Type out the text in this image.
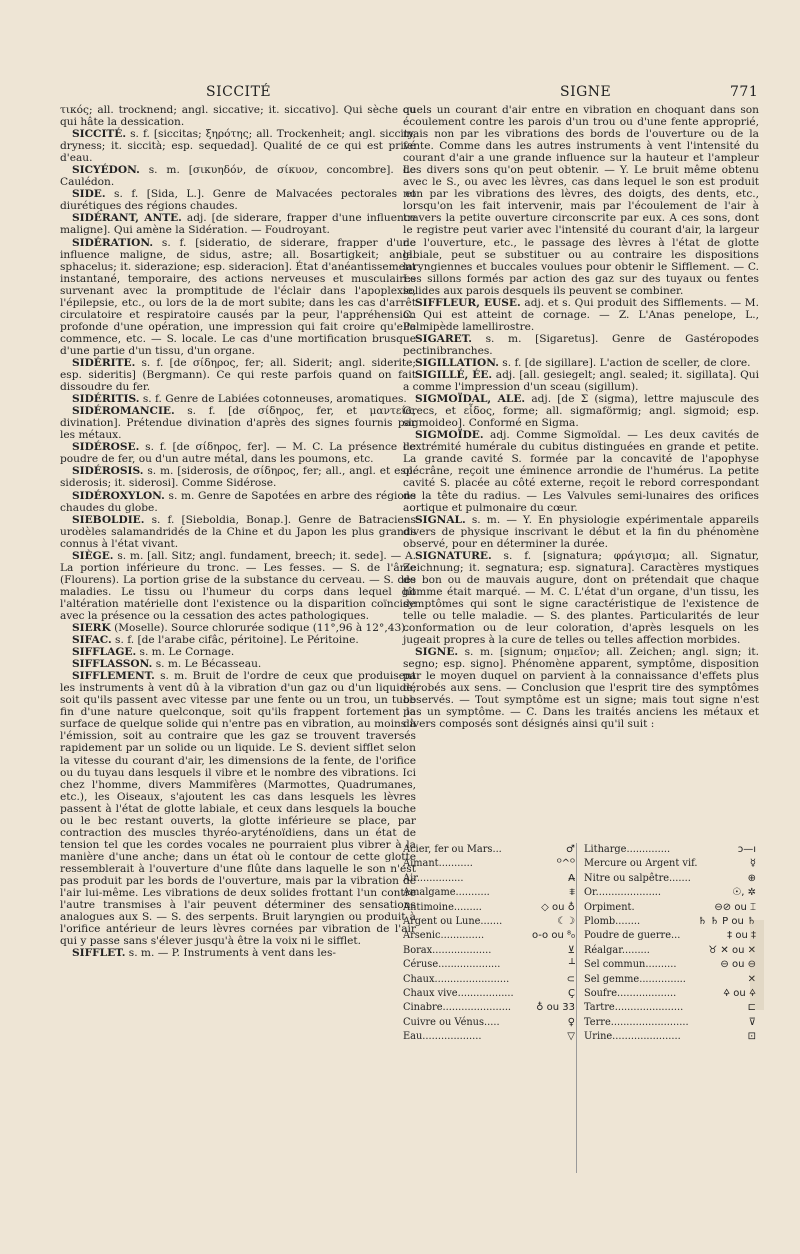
SICCITÉ	SIGNE	771

τικός; all. trocknend; angl. siccative; it. siccativo]. Qui sèche ou qui hâte la dessication.

SICCITÉ. s. f. [siccitas; ξηρότης; all. Trockenheit; angl. siccity, dryness; it. siccità; esp. sequedad]. Qualité de ce qui est privé d'eau.

SICYÉDON. s. m. [σικυηδόν, de σίκυον, concombre]. Le Caulédon.

SIDE. s. f. [Sida, L.]. Genre de Malvacées pectorales et diurétiques des régions chaudes.

SIDÉRANT, ANTE. adj. [de siderare, frapper d'une influence maligne]. Qui amène la Sidération. — Foudroyant.

SIDÉRATION. s. f. [sideratio, de siderare, frapper d'une influence maligne, de sidus, astre; all. Bosartigkeit; angl. sphacelus; it. siderazione; esp. sideracion]. État d'anéantissement instantané, temporaire, des actions nerveuses et musculaires survenant avec la promptitude de l'éclair dans l'apoplexie, l'épilepsie, etc., ou lors de la de mort subite; dans les cas d'arrêt circulatoire et respiratoire causés par la peur, l'appréhension profonde d'une opération, une impression qui fait croire qu'elle commence, etc. — S. locale. Le cas d'une mortification brusque d'une partie d'un tissu, d'un organe.

SIDÉRITE. s. f. [de σίδηρος, fer; all. Siderit; angl. siderite; esp. sideritis] (Bergmann). Ce qui reste parfois quand on fait dissoudre du fer.

SIDÉRITIS. s. f. Genre de Labiées cotonneuses, aromatiques.

SIDÉROMANCIE. s. f. [de σίδηρος, fer, et μαντεία, divination]. Prétendue divination d'après des signes fournis par les métaux.

SIDÉROSE. s. f. [de σίδηρος, fer]. — M. C. La présence de poudre de fer, ou d'un autre métal, dans les poumons, etc.

SIDÉROSIS. s. m. [siderosis, de σίδηρος, fer; all., angl. et esp. siderosis; it. siderosi]. Comme Sidérose.

SIDÉROXYLON. s. m. Genre de Sapotées en arbre des régions chaudes du globe.

SIEBOLDIE. s. f. [Sieboldia, Bonap.]. Genre de Batraciens urodèles salamandridés de la Chine et du Japon les plus grands connus à l'état vivant.

SIÈGE. s. m. [all. Sitz; angl. fundament, breech; it. sede]. — A. La portion inférieure du tronc. — Les fesses. — S. de l'âme (Flourens). La portion grise de la substance du cerveau. — S. des maladies. Le tissu ou l'humeur du corps dans lequel gît l'altération matérielle dont l'existence ou la disparition coïncide avec la présence ou la cessation des actes pathologiques.

SIERK (Moselle). Source chlorurée sodique (11°,96 à 12°,43).

SIFAC. s. f. [de l'arabe cifâc, péritoine]. Le Péritoine.

SIFFLAGE. s. m. Le Cornage.

SIFFLASSON. s. m. Le Bécasseau.

SIFFLEMENT. s. m. Bruit de l'ordre de ceux que produisent les instruments à vent dû à la vibration d'un gaz ou d'un liquide, soit qu'ils passent avec vitesse par une fente ou un trou, un tube fin d'une nature quelconque, soit qu'ils frappent fortement la surface de quelque solide qui n'entre pas en vibration, au moins à l'émission, soit au contraire que les gaz se trouvent traversés rapidement par un solide ou un liquide. Le S. devient sifflet selon la vitesse du courant d'air, les dimensions de la fente, de l'orifice ou du tuyau dans lesquels il vibre et le nombre des vibrations. Ici chez l'homme, divers Mammifères (Marmottes, Quadrumanes, etc.), les Oiseaux, s'ajoutent les cas dans lesquels les lèvres passent à l'état de glotte labiale, et ceux dans lesquels la bouche ou le bec restant ouverts, la glotte inférieure se place, par contraction des muscles thyréo-aryténoïdiens, dans un état de tension tel que les cordes vocales ne pourraient plus vibrer à la manière d'une anche; dans un état où le contour de cette glotte ressemblerait à l'ouverture d'une flûte dans laquelle le son n'est pas produit par les bords de l'ouverture, mais par la vibration de l'air lui-même. Les vibrations de deux solides frottant l'un contre l'autre transmises à l'air peuvent déterminer des sensations analogues aux S. — S. des serpents. Bruit laryngien ou produit à l'orifice antérieur de leurs lèvres cornées par vibration de l'air qui y passe sans s'élever jusqu'à être la voix ni le sifflet.

SIFFLET. s. m. — P. Instruments à vent dans les-

quels un courant d'air entre en vibration en choquant dans son écoulement contre les parois d'un trou ou d'une fente approprié, mais non par les vibrations des bords de l'ouverture ou de la fente. Comme dans les autres instruments à vent l'intensité du courant d'air a une grande influence sur la hauteur et l'ampleur des divers sons qu'on peut obtenir. — Y. Le bruit même obtenu avec le S., ou avec les lèvres, cas dans lequel le son est produit non par les vibrations des lèvres, des doigts, des dents, etc., lorsqu'on les fait intervenir, mais par l'écoulement de l'air à travers la petite ouverture circonscrite par eux. A ces sons, dont le registre peut varier avec l'intensité du courant d'air, la largeur de l'ouverture, etc., le passage des lèvres à l'état de glotte labiale, peut se substituer ou au contraire les dispositions laryngiennes et buccales voulues pour obtenir le Sifflement. — C. Les sillons formés par action des gaz sur des tuyaux ou fentes solides aux parois desquels ils peuvent se combiner.

SIFFLEUR, EUSE. adj. et s. Qui produit des Sifflements. — M. C. Qui est atteint de cornage. — Z. L'Anas penelope, L., Palmipède lamellirostre.

SIGARET. s. m. [Sigaretus]. Genre de Gastéropodes pectinibranches.

SIGILLATION. s. f. [de sigillare]. L'action de sceller, de clore.

SIGILLÉ, ÉE. adj. [all. gesiegelt; angl. sealed; it. sigillata]. Qui a comme l'impression d'un sceau (sigillum).

SIGMOÏDAL, ALE. adj. [de Σ (sigma), lettre majuscule des Grecs, et εἶδος, forme; all. sigmaförmig; angl. sigmoid; esp. sigmoideo]. Conformé en Sigma.

SIGMOÏDE. adj. Comme Sigmoïdal. — Les deux cavités de l'extrémité humérale du cubitus distinguées en grande et petite. La grande cavité S. formée par la concavité de l'apophyse olécrâne, reçoit une éminence arrondie de l'humérus. La petite cavité S. placée au côté externe, reçoit le rebord correspondant de la tête du radius. — Les Valvules semi-lunaires des orifices aortique et pulmonaire du cœur.

SIGNAL. s. m. — Y. En physiologie expérimentale appareils divers de physique inscrivant le début et la fin du phénomène observé, pour en déterminer la durée.

SIGNATURE. s. f. [signatura; φράγισμα; all. Signatur, Zeichnung; it. segnatura; esp. signatura]. Caractères mystiques de bon ou de mauvais augure, dont on prétendait que chaque homme était marqué. — M. C. L'état d'un organe, d'un tissu, les symptômes qui sont le signe caractéristique de l'existence de telle ou telle maladie. — S. des plantes. Particularités de leur conformation ou de leur coloration, d'après lesquels on les jugeait propres à la cure de telles ou telles affection morbides.

SIGNE. s. m. [signum; σημεῖον; all. Zeichen; angl. sign; it. segno; esp. signo]. Phénomène apparent, symptôme, disposition par le moyen duquel on parvient à la connaissance d'effets plus dérobés aux sens. — Conclusion que l'esprit tire des symptômes observés. — Tout symptôme est un signe; mais tout signe n'est pas un symptôme. — C. Dans les traités anciens les métaux et divers composés sont désignés ainsi qu'il suit :

Acier, fer ou Mars...	♂
Aimant...........	ᴼ^ᴼ
Air...............	A̶
Amalgame...........	⩨
Antimoine.........	◇ ou ♁
Argent ou Lune.......	☾☽
Arsenic..............	o-o ou ⁸₀
Borax...................	⊻
Céruse....................	┴
Chaux........................	⊂
Chaux vive..................	Ç
Cinabre......................	♁ ou 33
Cuivre ou Vénus.....	♀
Eau...................	▽
Litharge..............	ↄ—ı
Mercure ou Argent vif.	☿
Nitre ou salpêtre.......	⊕
Or.....................	☉, ✲
Orpiment.	⊖⊘ ou ⌶
Plomb........	♄ ♄ P ou ♄
Poudre de guerre...	‡ ou ‡
Réalgar.........	♉ ✕ ou ✕
Sel commun..........	⊖ ou ⊖
Sel gemme...............	✕
Soufre...................	🜍 ou 🜍
Tartre......................	⊏
Terre.........................	⊽
Urine......................	⊡
